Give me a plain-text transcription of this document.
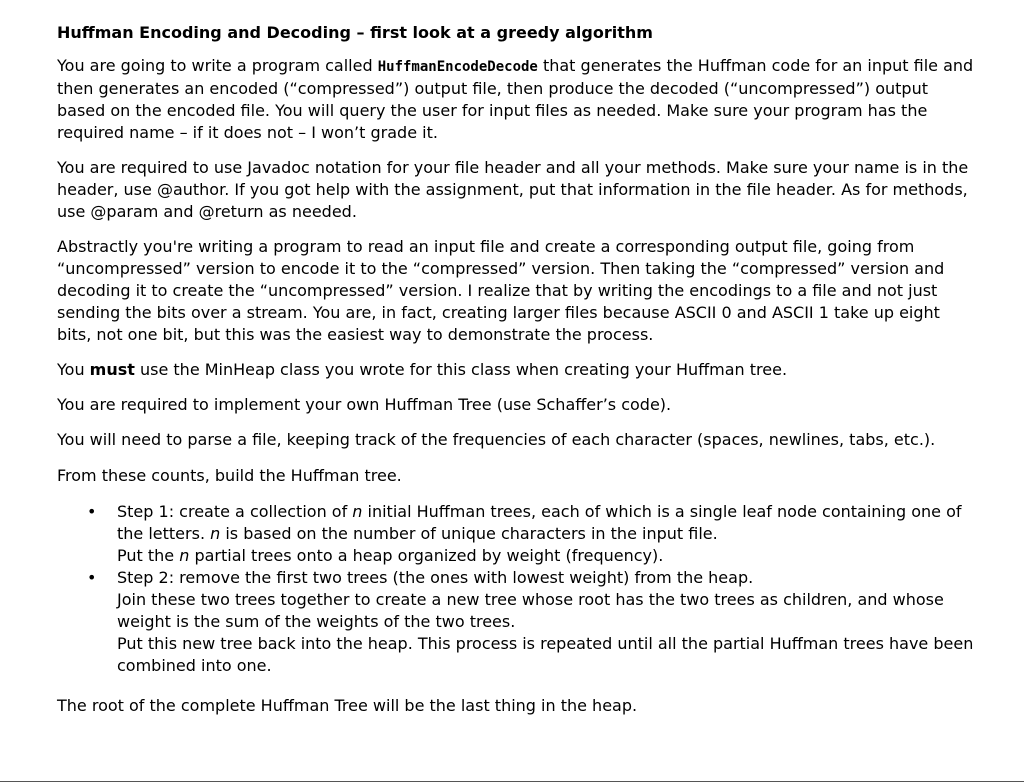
Huffman Encoding and Decoding – first look at a greedy algorithm

You are going to write a program called HuffmanEncodeDecode that generates the Huffman code for an input file and then generates an encoded (“compressed”) output file, then produce the decoded (“uncompressed”) output based on the encoded file. You will query the user for input files as needed. Make sure your program has the required name – if it does not – I won’t grade it.

You are required to use Javadoc notation for your file header and all your methods. Make sure your name is in the header, use @author. If you got help with the assignment, put that information in the file header. As for methods, use @param and @return as needed.

Abstractly you're writing a program to read an input file and create a corresponding output file, going from “uncompressed” version to encode it to the “compressed” version. Then taking the “compressed” version and decoding it to create the “uncompressed” version. I realize that by writing the encodings to a file and not just sending the bits over a stream. You are, in fact, creating larger files because ASCII 0 and ASCII 1 take up eight bits, not one bit, but this was the easiest way to demonstrate the process.

You must use the MinHeap class you wrote for this class when creating your Huffman tree.

You are required to implement your own Huffman Tree (use Schaffer’s code).

You will need to parse a file, keeping track of the frequencies of each character (spaces, newlines, tabs, etc.).

From these counts, build the Huffman tree.

• Step 1: create a collection of n initial Huffman trees, each of which is a single leaf node containing one of the letters. n is based on the number of unique characters in the input file.
Put the n partial trees onto a heap organized by weight (frequency).
• Step 2: remove the first two trees (the ones with lowest weight) from the heap.
Join these two trees together to create a new tree whose root has the two trees as children, and whose weight is the sum of the weights of the two trees.
Put this new tree back into the heap. This process is repeated until all the partial Huffman trees have been combined into one.

The root of the complete Huffman Tree will be the last thing in the heap.
